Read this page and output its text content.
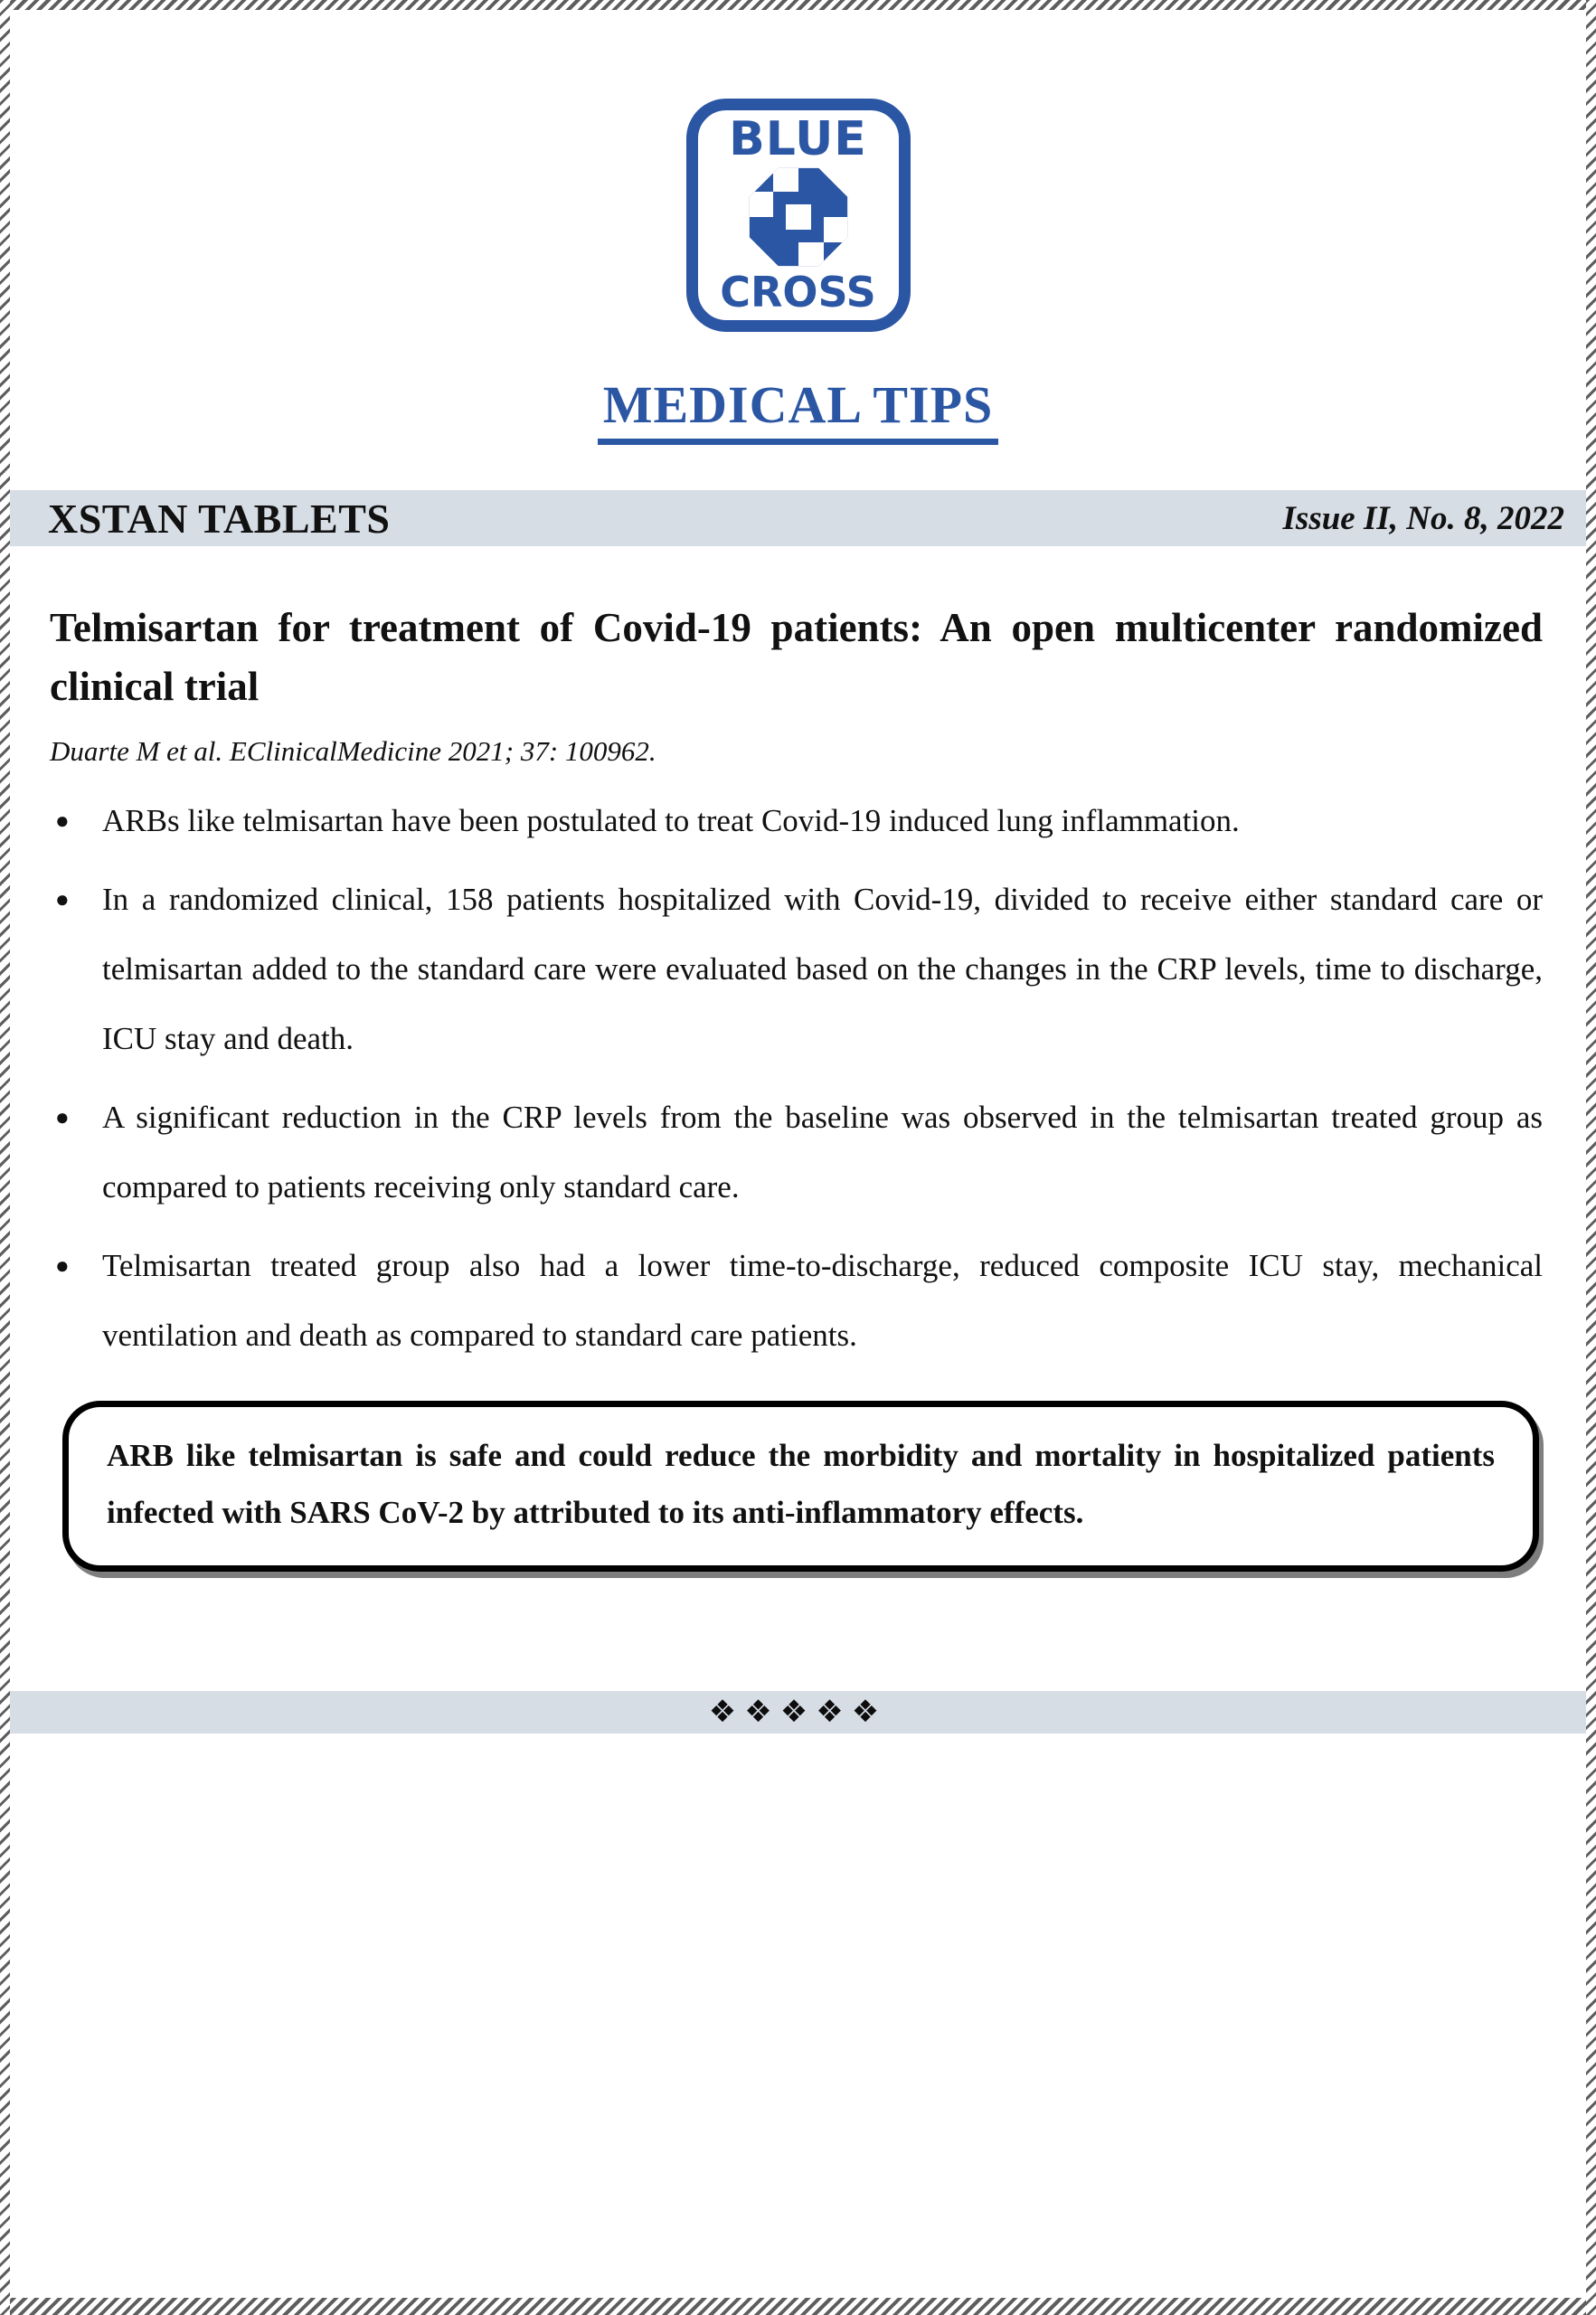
BLUE
CROSS
MEDICAL TIPS
XSTAN TABLETS	Issue II, No. 8, 2022
Telmisartan for treatment of Covid-19 patients: An open multicenter randomized clinical trial
Duarte M et al. EClinicalMedicine 2021; 37: 100962.
● ARBs like telmisartan have been postulated to treat Covid-19 induced lung inflammation.
● In a randomized clinical, 158 patients hospitalized with Covid-19, divided to receive either standard care or telmisartan added to the standard care were evaluated based on the changes in the CRP levels, time to discharge, ICU stay and death.
● A significant reduction in the CRP levels from the baseline was observed in the telmisartan treated group as compared to patients receiving only standard care.
● Telmisartan treated group also had a lower time-to-discharge, reduced composite ICU stay, mechanical ventilation and death as compared to standard care patients.

ARB like telmisartan is safe and could reduce the morbidity and mortality in hospitalized patients infected with SARS CoV-2 by attributed to its anti-inflammatory effects.

❖❖❖❖❖
